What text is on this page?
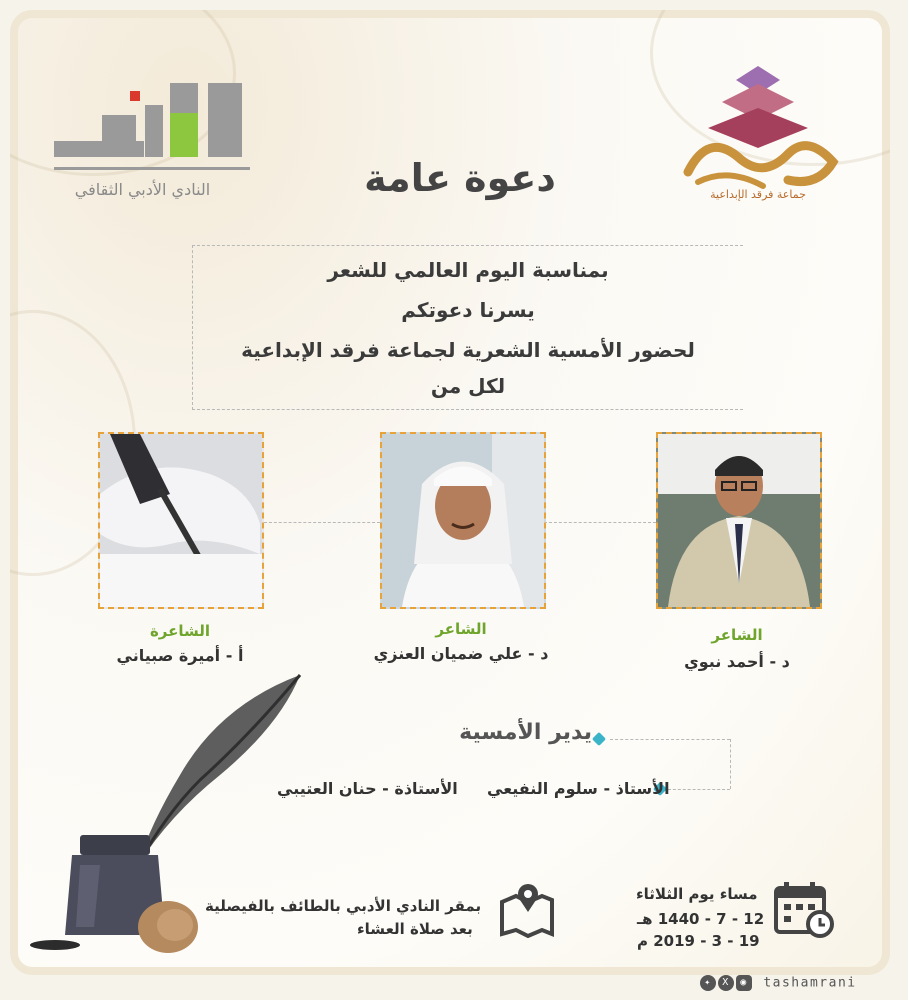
النادي الأدبي الثقافي	جماعة فرقد الإبداعية
دعوة عامة
بمناسبة اليوم العالمي للشعر
يسرنا دعوتكم
لحضور الأمسية الشعرية لجماعة فرقد الإبداعية
لكل من
الشاعرة
أ - أميرة صبياني
الشاعر
د - علي ضميان العنزي
الشاعر
د - أحمد نبوي
يدير الأمسية
الأستاذ - سلوم النفيعي
الأستاذة - حنان العتيبي
بمقر النادي الأدبي بالطائف بالفيصلية
بعد صلاة العشاء
مساء يوم الثلاثاء
12 - 7 - 1440 هـ
19 - 3 - 2019 م
✦ X ◉ tashamrani
